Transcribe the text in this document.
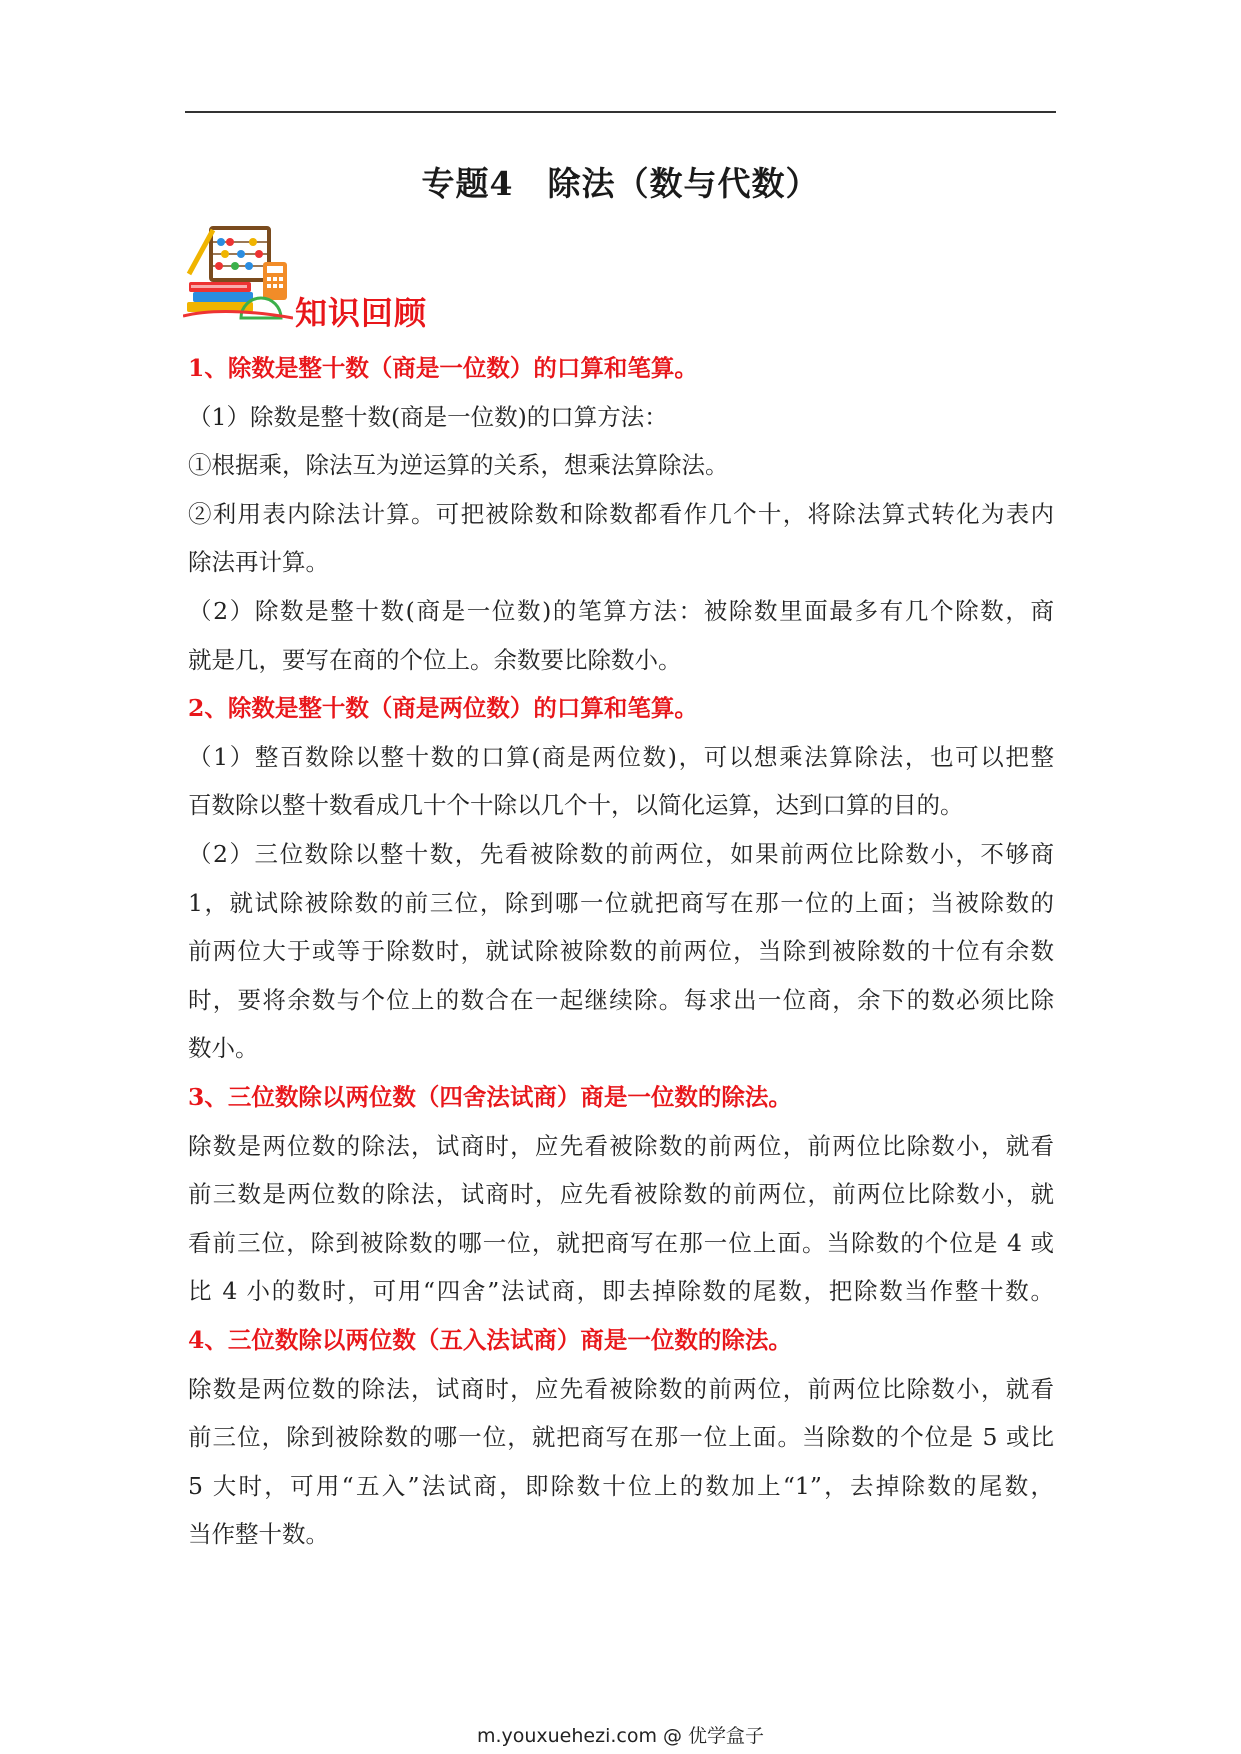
专题4　除法（数与代数）
知识回顾
1、除数是整十数（商是一位数）的口算和笔算。
（1）除数是整十数(商是一位数)的口算方法：
①根据乘，除法互为逆运算的关系，想乘法算除法。
②利用表内除法计算。可把被除数和除数都看作几个十，将除法算式转化为表内
除法再计算。
（2）除数是整十数(商是一位数)的笔算方法：被除数里面最多有几个除数，商
就是几，要写在商的个位上。余数要比除数小。
2、除数是整十数（商是两位数）的口算和笔算。
（1）整百数除以整十数的口算(商是两位数)，可以想乘法算除法，也可以把整
百数除以整十数看成几十个十除以几个十，以简化运算，达到口算的目的。
（2）三位数除以整十数，先看被除数的前两位，如果前两位比除数小，不够商
1，就试除被除数的前三位，除到哪一位就把商写在那一位的上面；当被除数的
前两位大于或等于除数时，就试除被除数的前两位，当除到被除数的十位有余数
时，要将余数与个位上的数合在一起继续除。每求出一位商，余下的数必须比除
数小。
3、三位数除以两位数（四舍法试商）商是一位数的除法。
除数是两位数的除法，试商时，应先看被除数的前两位，前两位比除数小，就看
前三数是两位数的除法，试商时，应先看被除数的前两位，前两位比除数小，就
看前三位，除到被除数的哪一位，就把商写在那一位上面。当除数的个位是 4 或
比 4 小的数时，可用“四舍”法试商，即去掉除数的尾数，把除数当作整十数。
4、三位数除以两位数（五入法试商）商是一位数的除法。
除数是两位数的除法，试商时，应先看被除数的前两位，前两位比除数小，就看
前三位，除到被除数的哪一位，就把商写在那一位上面。当除数的个位是 5 或比
5 大时，可用“五入”法试商，即除数十位上的数加上“1”，去掉除数的尾数，
当作整十数。
m.youxuehezi.com @ 优学盒子
